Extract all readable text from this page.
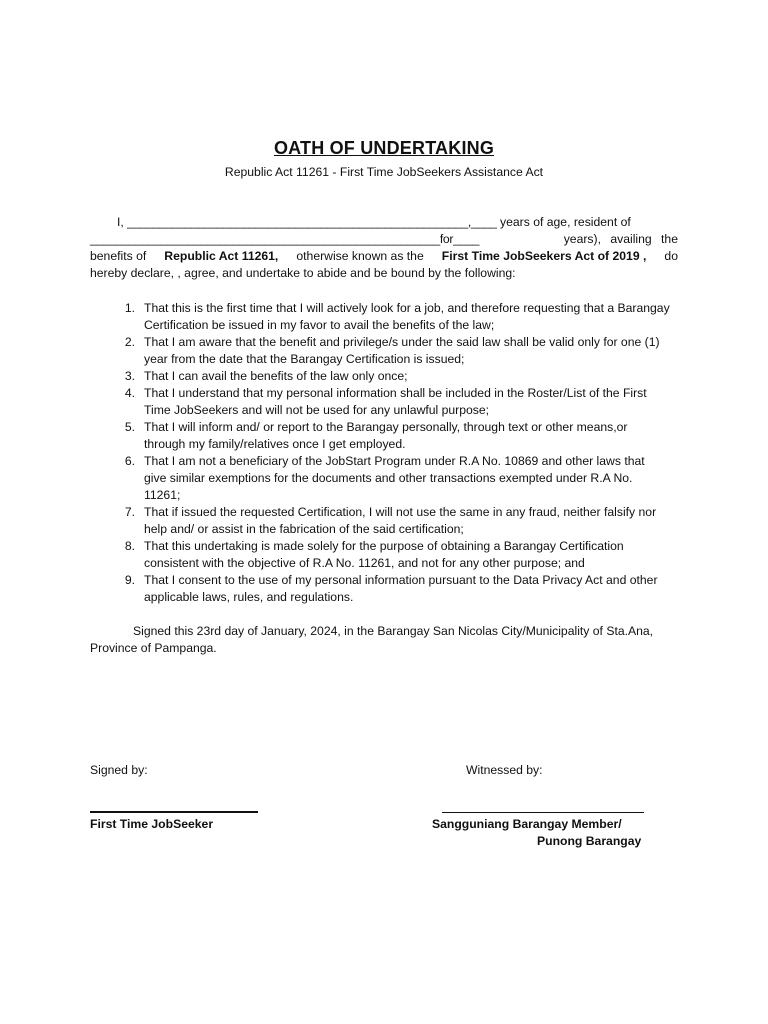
OATH OF UNDERTAKING
Republic Act 11261 - First Time JobSeekers Assistance Act
I, _____________________________________________________,____ years of age, resident of
______________________________________________________for____	years), availing the
benefits of Republic Act 11261, otherwise known as the First Time JobSeekers Act of 2019 , do
hereby declare, , agree, and undertake to abide and be bound by the following:
1. That this is the first time that I will actively look for a job, and therefore requesting that a Barangay
Certification be issued in my favor to avail the benefits of the law;
2. That I am aware that the benefit and privilege/s under the said law shall be valid only for one (1)
year from the date that the Barangay Certification is issued;
3. That I can avail the benefits of the law only once;
4. That I understand that my personal information shall be included in the Roster/List of the First
Time JobSeekers and will not be used for any unlawful purpose;
5. That I will inform and/ or report to the Barangay personally, through text or other means,or
through my family/relatives once I get employed.
6. That I am not a beneficiary of the JobStart Program under R.A No. 10869 and other laws that
give similar exemptions for the documents and other transactions exempted under R.A No.
11261;
7. That if issued the requested Certification, I will not use the same in any fraud, neither falsify nor
help and/ or assist in the fabrication of the said certification;
8. That this undertaking is made solely for the purpose of obtaining a Barangay Certification
consistent with the objective of R.A No. 11261, and not for any other purpose; and
9. That I consent to the use of my personal information pursuant to the Data Privacy Act and other
applicable laws, rules, and regulations.
Signed this 23rd day of January, 2024, in the Barangay San Nicolas City/Municipality of Sta.Ana,
Province of Pampanga.
Signed by:	Witnessed by:
First Time JobSeeker	Sangguniang Barangay Member/
Punong Barangay
